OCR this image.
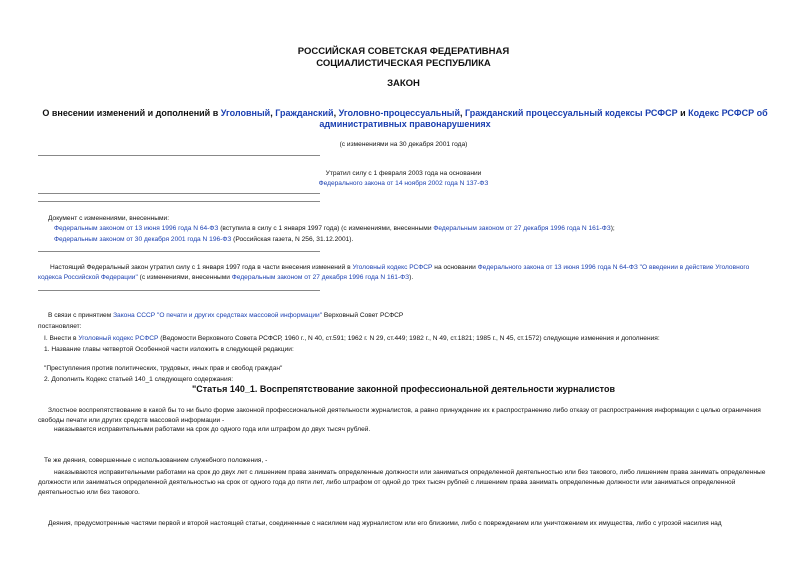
РОССИЙСКАЯ СОВЕТСКАЯ ФЕДЕРАТИВНАЯ
СОЦИАЛИСТИЧЕСКАЯ РЕСПУБЛИКА
ЗАКОН
О внесении изменений и дополнений в Уголовный, Гражданский, Уголовно-процессуальный, Гражданский процессуальный кодексы РСФСР и Кодекс РСФСР об административных правонарушениях
(с изменениями на 30 декабря 2001 года)
Утратил силу с 1 февраля 2003 года на основании
Федерального закона от 14 ноября 2002 года N 137-ФЗ
Документ с изменениями, внесенными:
Федеральным законом от 13 июня 1996 года N 64-ФЗ (вступила в силу с 1 января 1997 года) (с изменениями, внесенными Федеральным законом от 27 декабря 1996 года N 161-ФЗ);
Федеральным законом от 30 декабря 2001 года N 196-ФЗ (Российская газета, N 256, 31.12.2001).
Настоящий Федеральный закон утратил силу с 1 января 1997 года в части внесения изменений в Уголовный кодекс РСФСР на основании Федерального закона от 13 июня 1996 года N 64-ФЗ "О введении в действие Уголовного кодекса Российской Федерации" (с изменениями, внесенными Федеральным законом от 27 декабря 1996 года N 161-ФЗ).
В связи с принятием Закона СССР "О печати и других средствах массовой информации" Верховный Совет РСФСР
постановляет:
I. Внести в Уголовный кодекс РСФСР (Ведомости Верховного Совета РСФСР, 1960 г., N 40, ст.591; 1962 г. N 29, ст.449; 1982 г., N 49, ст.1821; 1985 г., N 45, ст.1572) следующие изменения и дополнения:
1. Название главы четвертой Особенной части изложить в следующей редакции:
"Преступления против политических, трудовых, иных прав и свобод граждан"
2. Дополнить Кодекс статьей 140_1 следующего содержания:
"Статья 140_1. Воспрепятствование законной профессиональной деятельности журналистов
Злостное воспрепятствование в какой бы то ни было форме законной профессиональной деятельности журналистов, а равно принуждение их к распространению либо отказу от распространения информации с целью ограничения свободы печати или других средств массовой информации -
наказывается исправительными работами на срок до одного года или штрафом до двух тысяч рублей.
Те же деяния, совершенные с использованием служебного положения, -
наказываются исправительными работами на срок до двух лет с лишением права занимать определенные должности или заниматься определенной деятельностью или без такового, либо лишением права занимать определенные должности или заниматься определенной деятельностью на срок от одного года до пяти лет, либо штрафом от одной до трех тысяч рублей с лишением права занимать определенные должности или заниматься определенной деятельностью или без такового.
Деяния, предусмотренные частями первой и второй настоящей статьи, соединенные с насилием над журналистом или его близкими, либо с повреждением или уничтожением их имущества, либо с угрозой насилия над
